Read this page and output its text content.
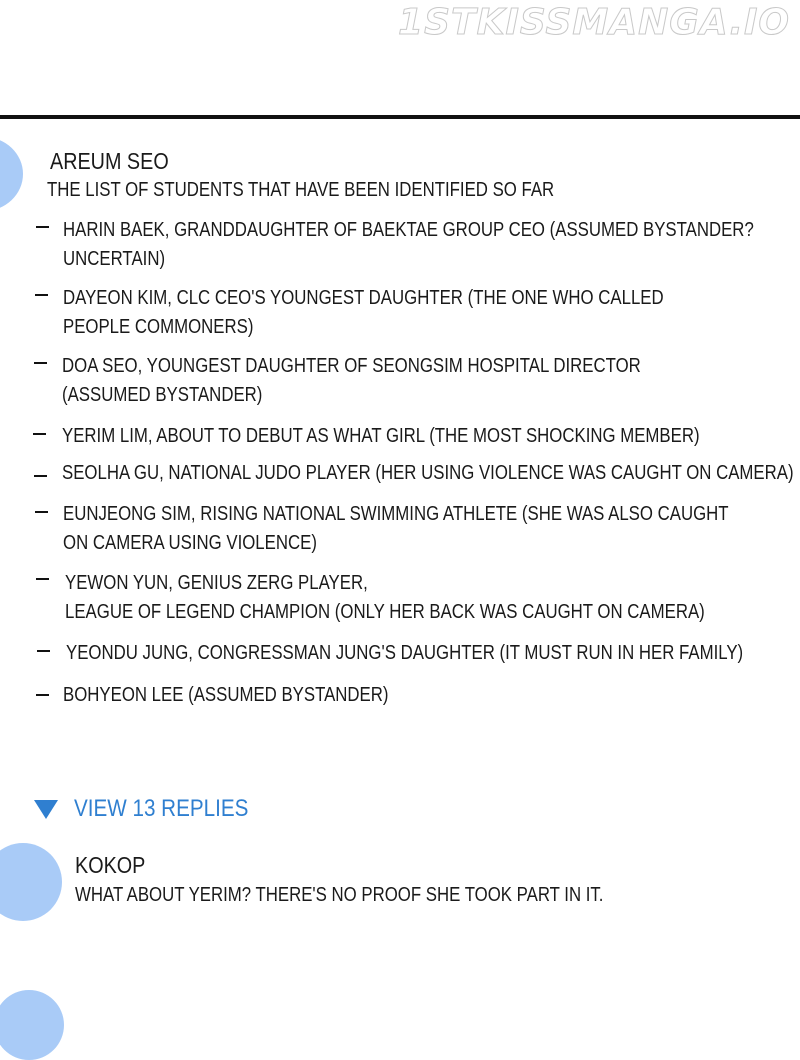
1STKISSMANGA.IO
AREUM SEO
THE LIST OF STUDENTS THAT HAVE BEEN IDENTIFIED SO FAR
HARIN BAEK, GRANDDAUGHTER OF BAEKTAE GROUP CEO (ASSUMED BYSTANDER?
UNCERTAIN)
DAYEON KIM, CLC CEO'S YOUNGEST DAUGHTER (THE ONE WHO CALLED
PEOPLE COMMONERS)
DOA SEO, YOUNGEST DAUGHTER OF SEONGSIM HOSPITAL DIRECTOR
(ASSUMED BYSTANDER)
YERIM LIM, ABOUT TO DEBUT AS WHAT GIRL (THE MOST SHOCKING MEMBER)
SEOLHA GU, NATIONAL JUDO PLAYER (HER USING VIOLENCE WAS CAUGHT ON CAMERA)
EUNJEONG SIM, RISING NATIONAL SWIMMING ATHLETE (SHE WAS ALSO CAUGHT
ON CAMERA USING VIOLENCE)
YEWON YUN, GENIUS ZERG PLAYER,
LEAGUE OF LEGEND CHAMPION (ONLY HER BACK WAS CAUGHT ON CAMERA)
YEONDU JUNG, CONGRESSMAN JUNG'S DAUGHTER (IT MUST RUN IN HER FAMILY)
BOHYEON LEE (ASSUMED BYSTANDER)
VIEW 13 REPLIES
KOKOP
WHAT ABOUT YERIM? THERE'S NO PROOF SHE TOOK PART IN IT.
